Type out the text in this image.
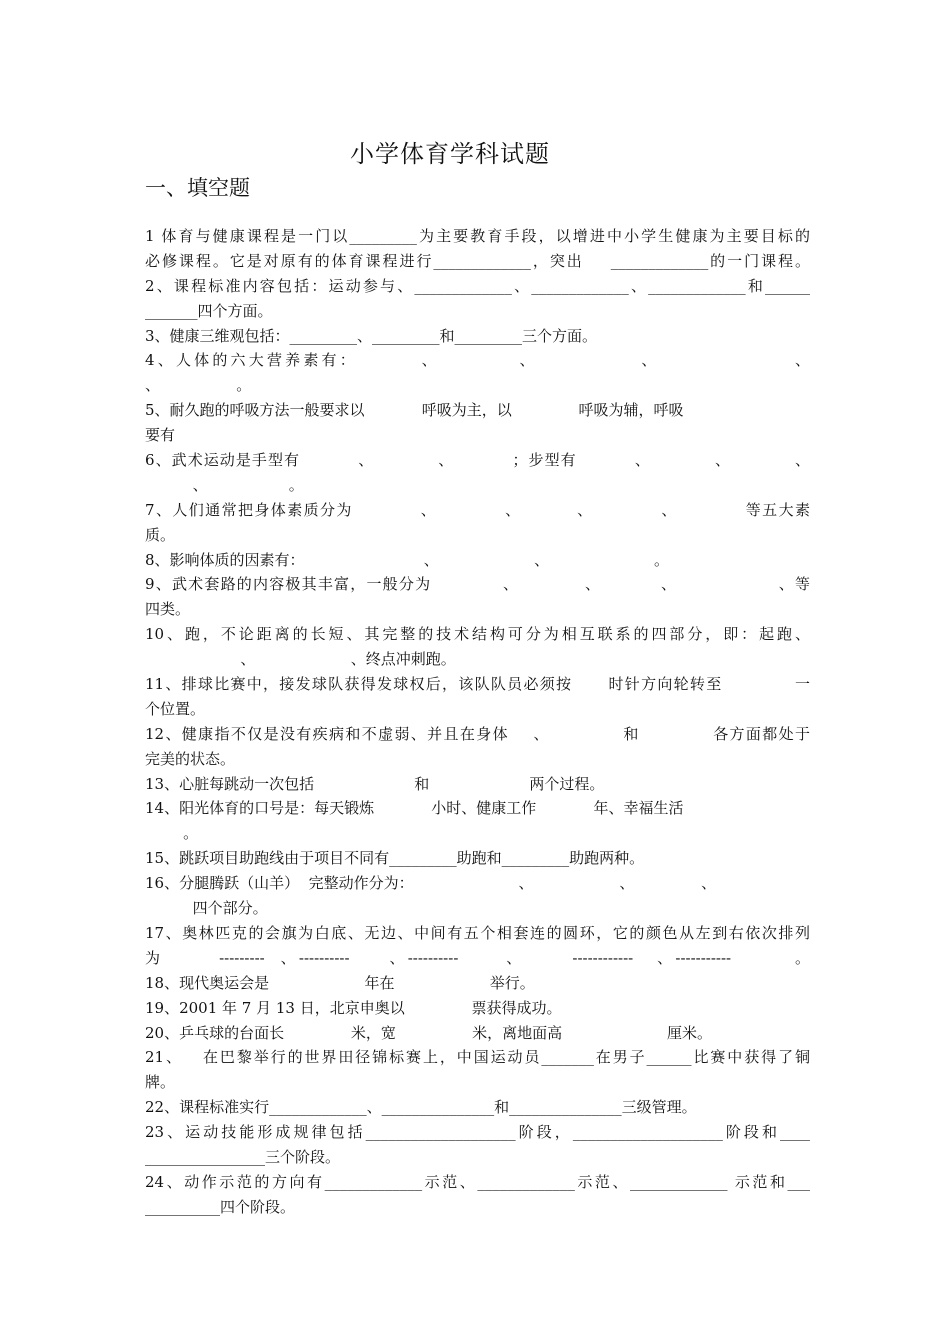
小学体育学科试题
一、填空题
1 体育与健康课程是一门以_________为主要教育手段，以增进中小学生健康为主要目标的
必修课程。它是对原有的体育课程进行_____________，突出    _____________的一门课程。
2、课程标准内容包括：运动参与、_____________、_____________、_____________和______
_______四个方面。
3、健康三维观包括：_________、_________和_________三个方面。
4、人体的六大营养素有：        、          、             、                 、
、                。
5、耐久跑的呼吸方法一般要求以            呼吸为主，以              呼吸为辅，呼吸
要有
6、武术运动是手型有          、           、          ；步型有          、           、           、
、                 。
7、人们通常把身体素质分为           、           、         、           、           等五大素
质。
8、影响体质的因素有：                         、                    、                      。
9、武术套路的内容极其丰富，一般分为            、           、          、                 、等
四类。
10、跑，不论距离的长短、其完整的技术结构可分为相互联系的四部分，即：起跑、
、                    、终点冲刺跑。
11、排球比赛中，接发球队获得发球权后，该队队员必须按      时针方向轮转至            一
个位置。
12、健康指不仅是没有疾病和不虚弱、并且在身体    、            和            各方面都处于
完美的状态。
13、心脏每跳动一次包括                     和                     两个过程。
14、阳光体育的口号是：每天锻炼            小时、健康工作            年、幸福生活
。
15、跳跃项目助跑线由于项目不同有_________助跑和_________助跑两种。
16、分腿腾跃（山羊）  完整动作分为：                      、                  、              、
四个部分。
17、奥林匹克的会旗为白底、无边、中间有五个相套连的圆环，它的颜色从左到右依次排列
为       ---------  、----------     、----------      、      ------------   、-----------        。
18、现代奥运会是                    年在                    举行。
19、2001 年 7 月 13 日，北京申奥以              票获得成功。
20、乒乓球的台面长              米，宽                米，离地面高                      厘米。
21、   在巴黎举行的世界田径锦标赛上，中国运动员_______在男子______比赛中获得了铜
牌。
22、课程标准实行_____________、_______________和_______________三级管理。
23、运动技能形成规律包括____________________阶段，____________________阶段和____
________________三个阶段。
24、动作示范的方向有_____________示范、_____________示范、_____________ 示范和___
__________四个阶段。
